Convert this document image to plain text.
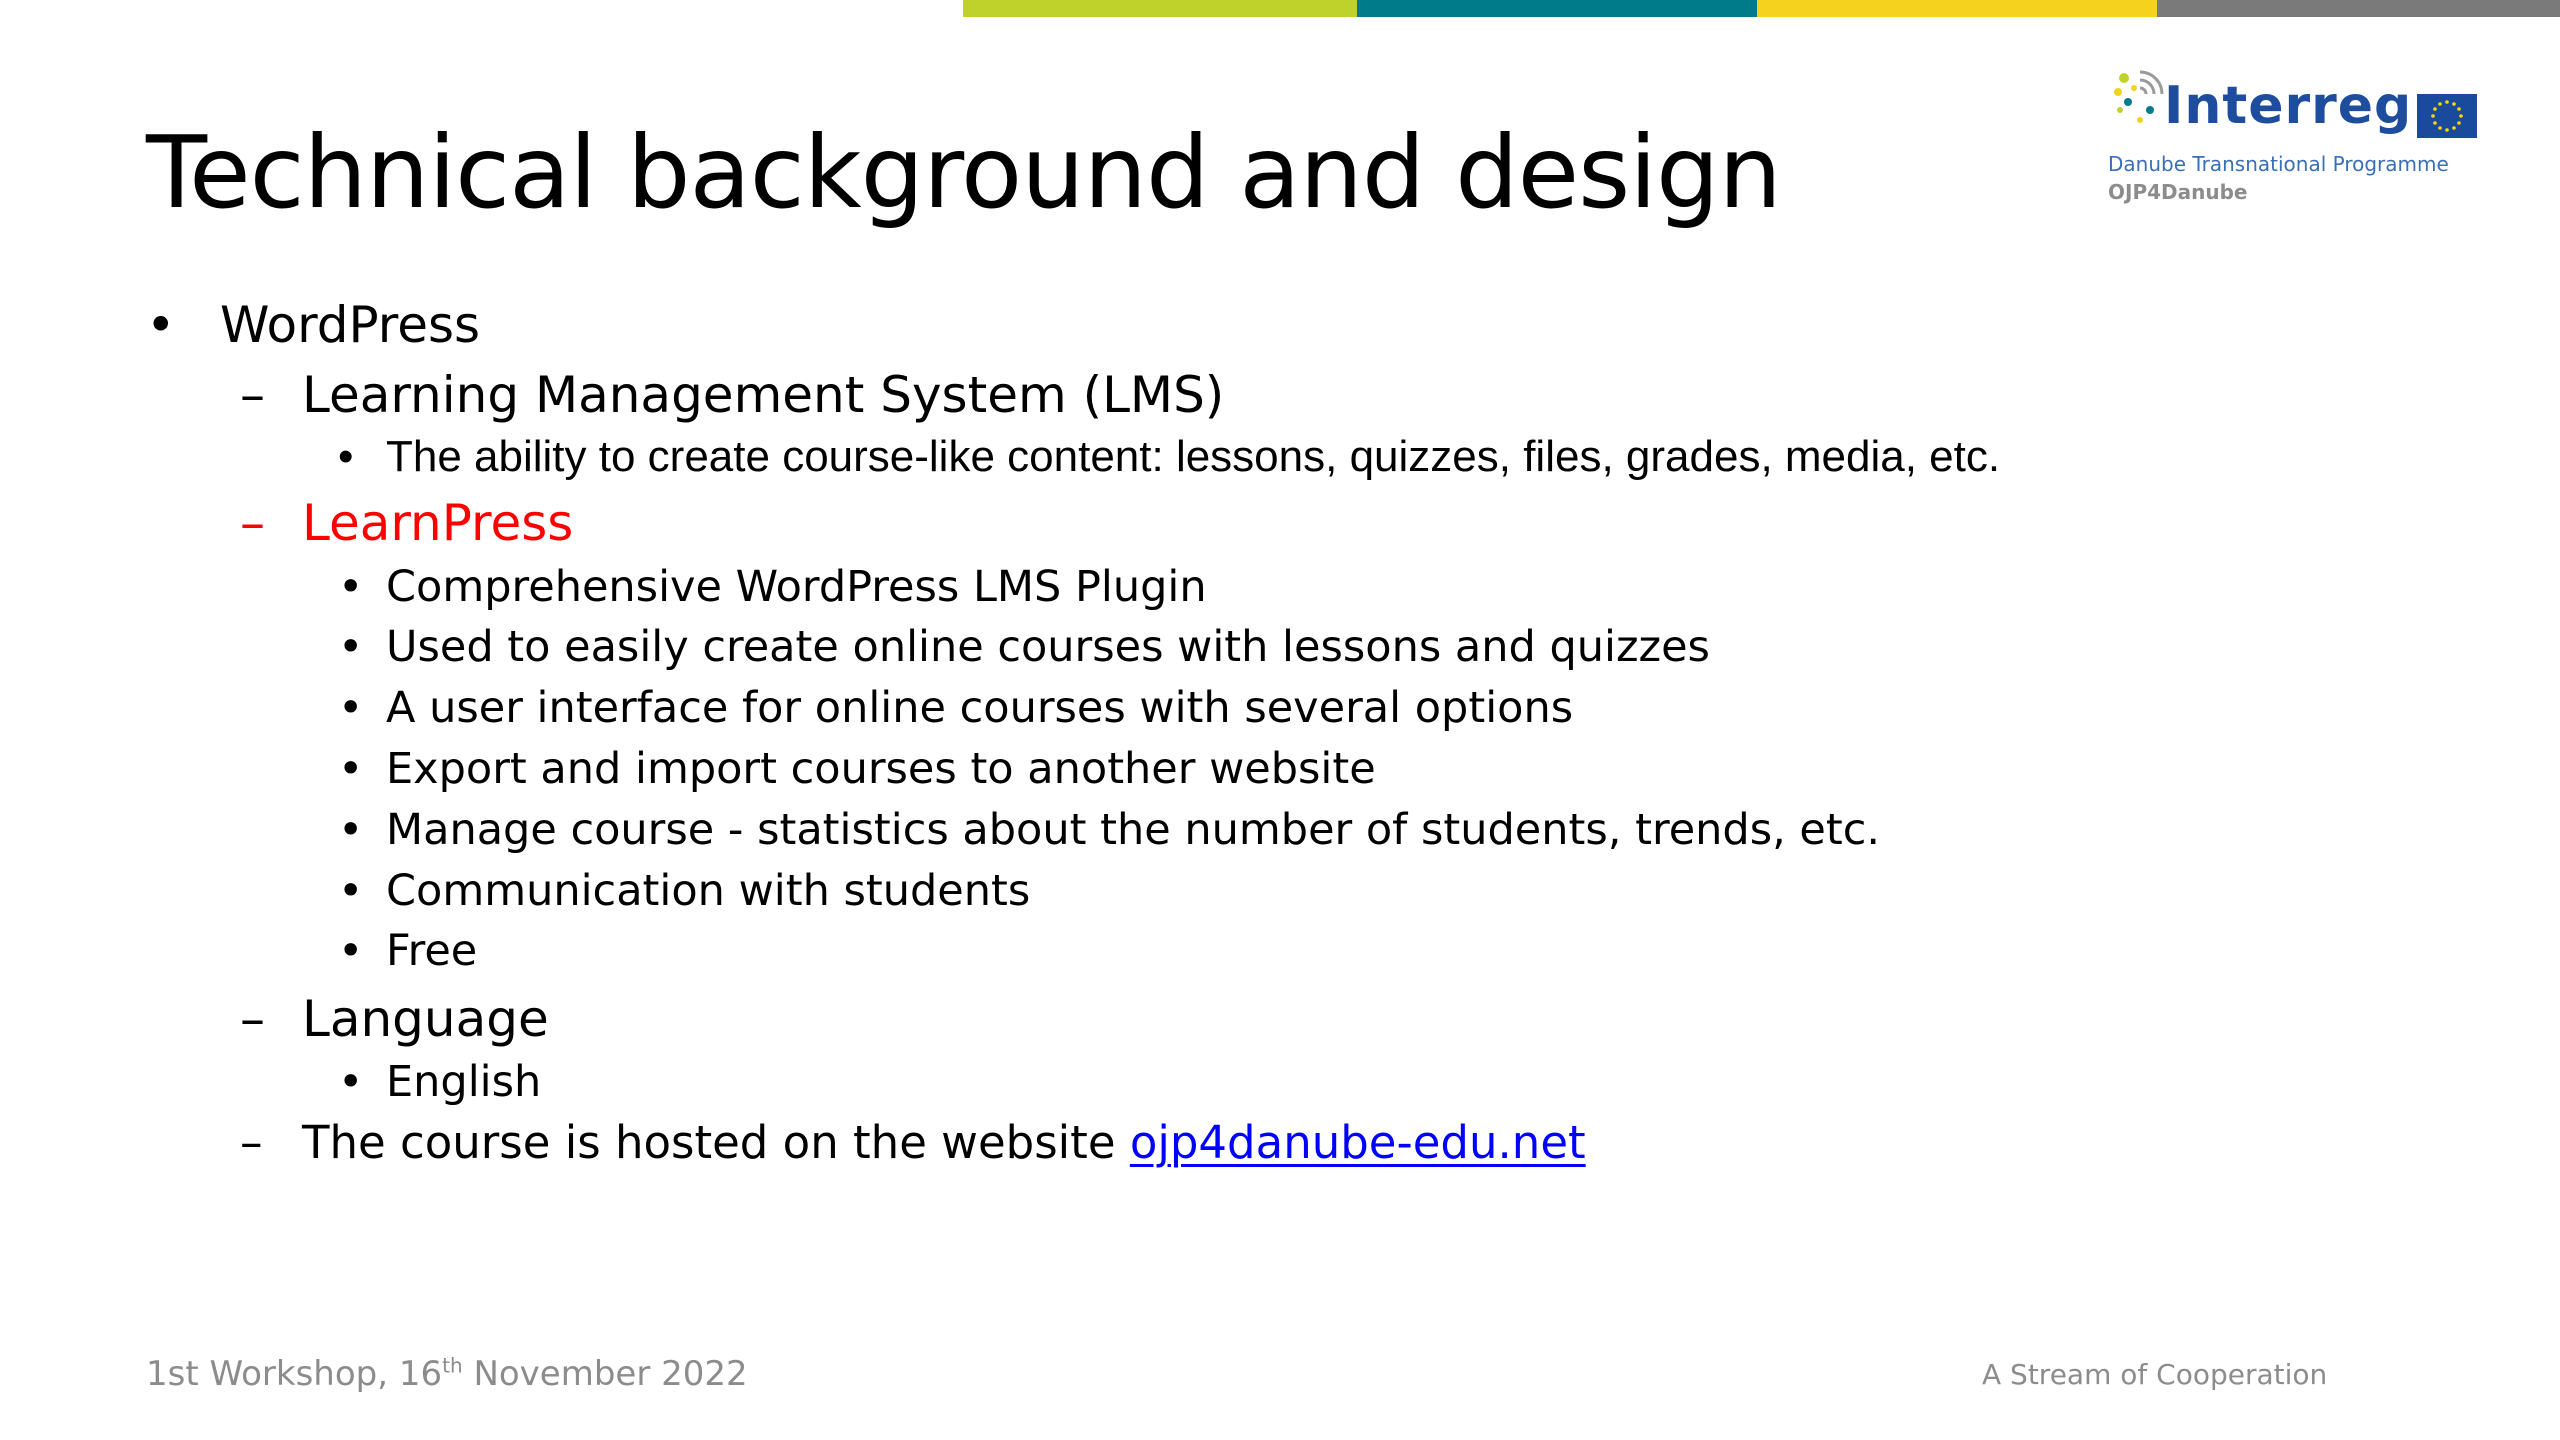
Interreg
Danube Transnational Programme
OJP4Danube
Technical background and design
• WordPress
– Learning Management System (LMS)
• The ability to create course-like content: lessons, quizzes, files, grades, media, etc.
– LearnPress
• Comprehensive WordPress LMS Plugin
• Used to easily create online courses with lessons and quizzes
• A user interface for online courses with several options
• Export and import courses to another website
• Manage course - statistics about the number of students, trends, etc.
• Communication with students
• Free
– Language
• English
– The course is hosted on the website ojp4danube-edu.net
1st Workshop, 16th November 2022	A Stream of Cooperation
